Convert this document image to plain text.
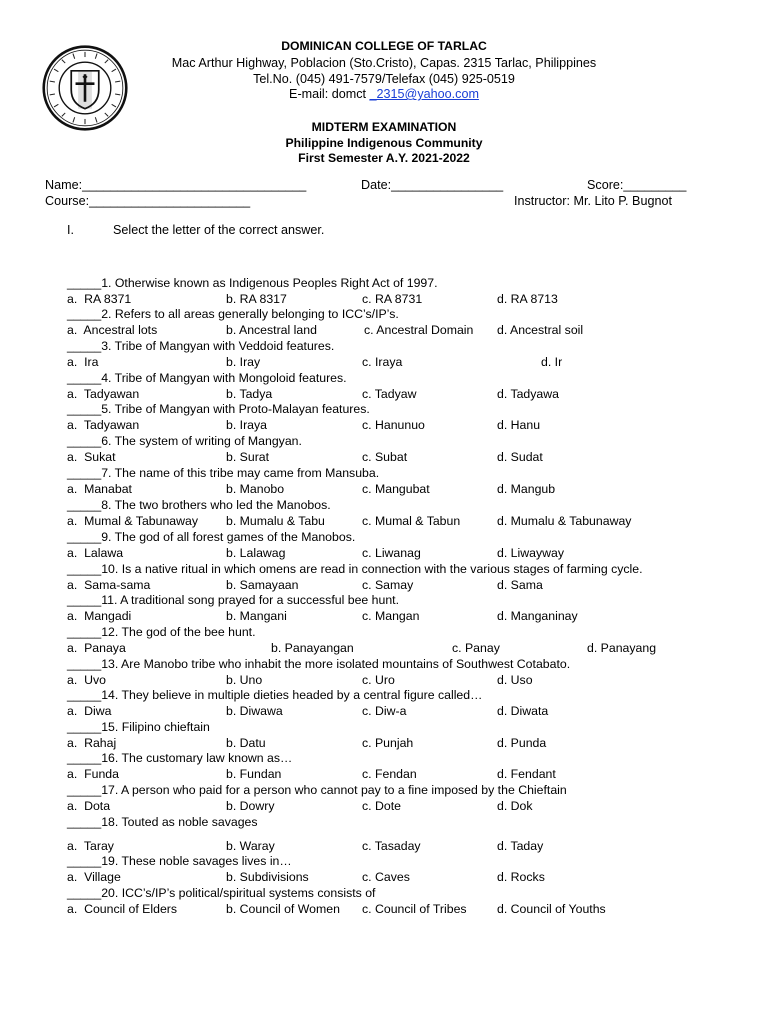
DOMINICAN COLLEGE OF TARLAC
Mac Arthur Highway, Poblacion (Sto.Cristo), Capas. 2315 Tarlac, Philippines
Tel.No. (045) 491-7579/Telefax (045) 925-0519
E-mail: domct _2315@yahoo.com
MIDTERM EXAMINATION
Philippine Indigenous Community
First Semester A.Y. 2021-2022
Name:________________________________	Date:________________	Score:_________
Course:_______________________	Instructor: Mr. Lito P. Bugnot
I.	Select the letter of the correct answer.
_____1. Otherwise known as Indigenous Peoples Right Act of 1997.
a.  RA 8371	b. RA 8317	c. RA 8731	d. RA 8713
_____2. Refers to all areas generally belonging to ICC’s/IP’s.
a.  Ancestral lots	b. Ancestral land	c. Ancestral Domain d. Ancestral soil
_____3. Tribe of Mangyan with Veddoid features.
a.  Ira	b. Iray	c. Iraya	d. Ir
_____4. Tribe of Mangyan with Mongoloid features.
a.  Tadyawan	b. Tadya	c. Tadyaw	d. Tadyawa
_____5. Tribe of Mangyan with Proto-Malayan features.
a.  Tadyawan	b. Iraya	c. Hanunuo	d. Hanu
_____6. The system of writing of Mangyan.
a.  Sukat	b. Surat	c. Subat	d. Sudat
_____7. The name of this tribe may came from Mansuba.
a.  Manabat	b. Manobo	c. Mangubat	d. Mangub
_____8. The two brothers who led the Manobos.
a.  Mumal & Tabunaway b. Mumalu & Tabu	c. Mumal & Tabun	d. Mumalu & Tabunaway
_____9. The god of all forest games of the Manobos.
a.  Lalawa	b. Lalawag	c. Liwanag	d. Liwayway
_____10. Is a native ritual in which omens are read in connection with the various stages of farming cycle.
a.  Sama-sama	b. Samayaan	c. Samay	d. Sama
_____11. A traditional song prayed for a successful bee hunt.
a.  Mangadi	b. Mangani	c. Mangan	d. Manganinay
_____12. The god of the bee hunt.
a.  Panaya	b. Panayangan	c. Panay	d. Panayang
_____13. Are Manobo tribe who inhabit the more isolated mountains of Southwest Cotabato.
a.  Uvo	b. Uno	c. Uro	d. Uso
_____14. They believe in multiple dieties headed by a central figure called…
a.  Diwa	b. Diwawa	c. Diw-a	d. Diwata
_____15. Filipino chieftain
a.  Rahaj	b. Datu	c. Punjah	d. Punda
_____16. The customary law known as…
a.  Funda	b. Fundan	c. Fendan	d. Fendant
_____17. A person who paid for a person who cannot pay to a fine imposed by the Chieftain
a.  Dota	b. Dowry	c. Dote	d. Dok
_____18. Touted as noble savages
a.  Taray	b. Waray	c. Tasaday	d. Taday
_____19. These noble savages lives in…
a.  Village	b. Subdivisions	c. Caves	d. Rocks
_____20. ICC’s/IP’s political/spiritual systems consists of
a.  Council of Elders	b. Council of Women c. Council of Tribes d. Council of Youths
